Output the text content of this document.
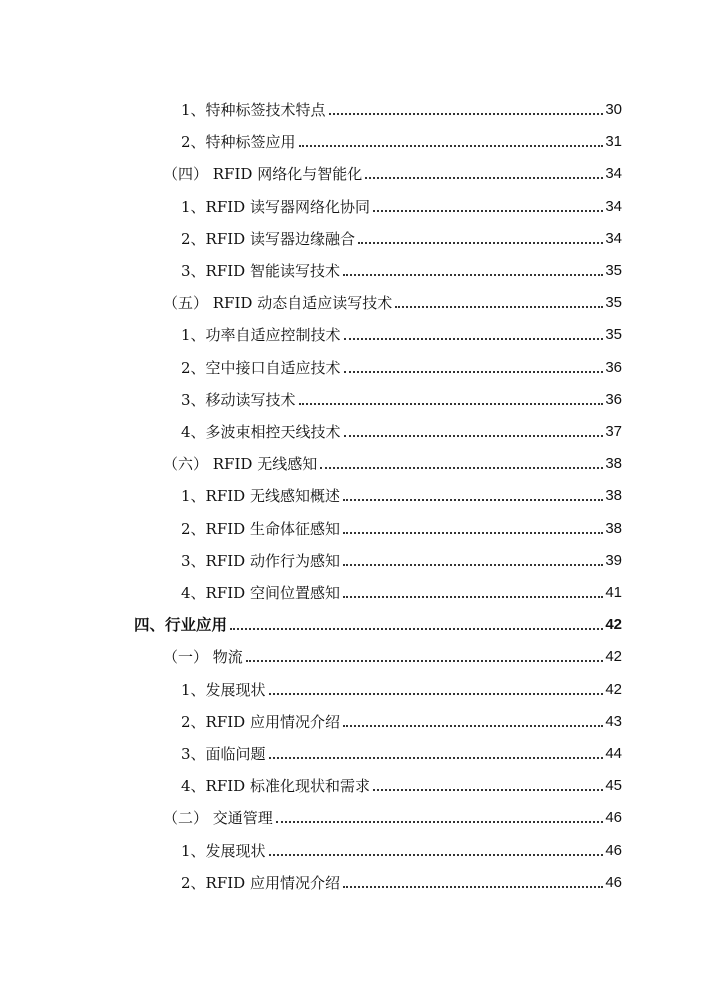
1、特种标签技术特点	30
2、特种标签应用	31
（四） RFID 网络化与智能化	34
1、RFID 读写器网络化协同	34
2、RFID 读写器边缘融合	34
3、RFID 智能读写技术	35
（五） RFID 动态自适应读写技术	35
1、功率自适应控制技术	35
2、空中接口自适应技术	36
3、移动读写技术	36
4、多波束相控天线技术	37
（六） RFID 无线感知	38
1、RFID 无线感知概述	38
2、RFID 生命体征感知	38
3、RFID 动作行为感知	39
4、RFID 空间位置感知	41
四、行业应用	42
（一） 物流	42
1、发展现状	42
2、RFID 应用情况介绍	43
3、面临问题	44
4、RFID 标准化现状和需求	45
（二） 交通管理	46
1、发展现状	46
2、RFID 应用情况介绍	46
